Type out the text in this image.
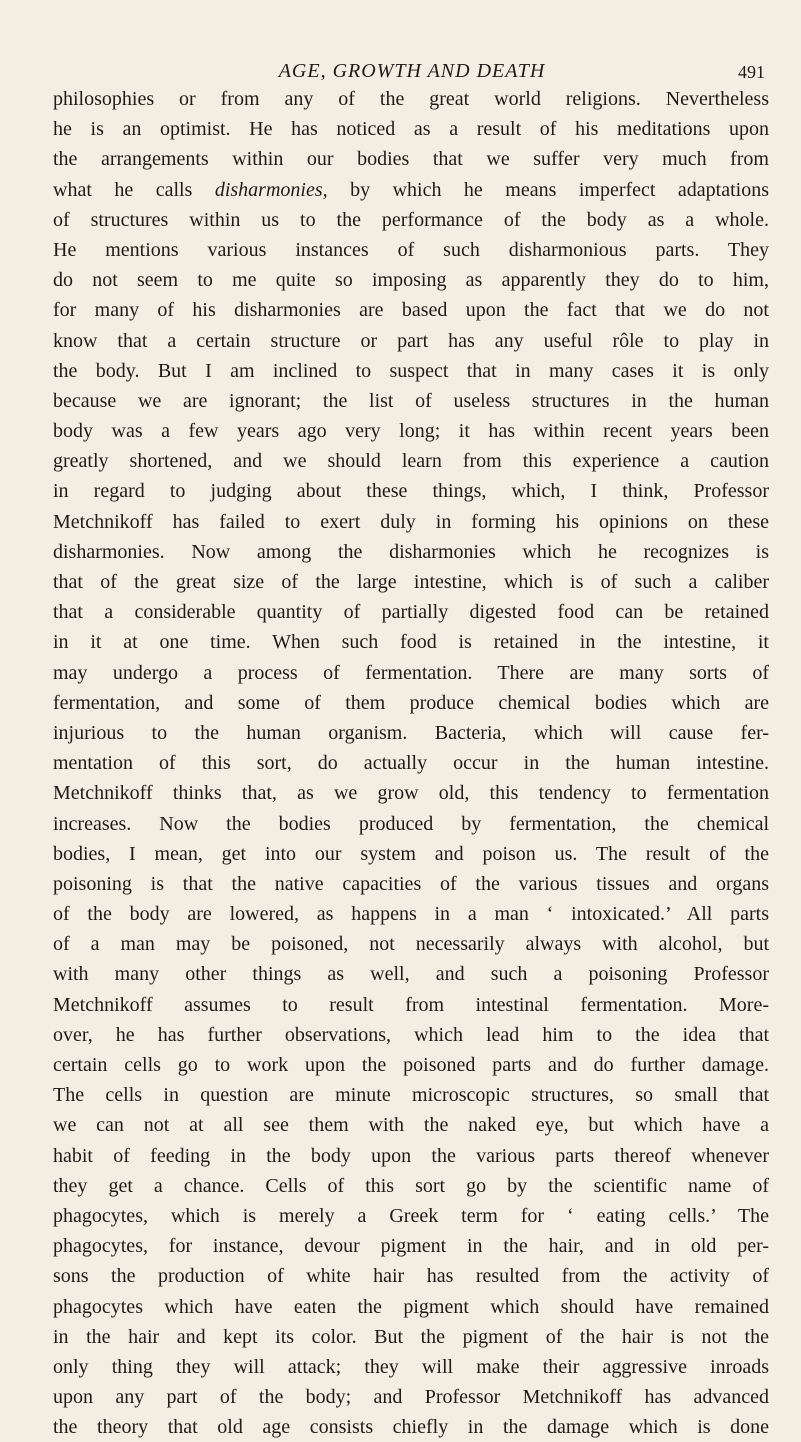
AGE, GROWTH AND DEATH	491
philosophies or from any of the great world religions. Nevertheless
he is an optimist. He has noticed as a result of his meditations upon
the arrangements within our bodies that we suffer very much from
what he calls disharmonies, by which he means imperfect adaptations
of structures within us to the performance of the body as a whole.
He mentions various instances of such disharmonious parts. They
do not seem to me quite so imposing as apparently they do to him,
for many of his disharmonies are based upon the fact that we do not
know that a certain structure or part has any useful rôle to play in
the body. But I am inclined to suspect that in many cases it is only
because we are ignorant; the list of useless structures in the human
body was a few years ago very long; it has within recent years been
greatly shortened, and we should learn from this experience a caution
in regard to judging about these things, which, I think, Professor
Metchnikoff has failed to exert duly in forming his opinions on these
disharmonies. Now among the disharmonies which he recognizes is
that of the great size of the large intestine, which is of such a caliber
that a considerable quantity of partially digested food can be retained
in it at one time. When such food is retained in the intestine, it
may undergo a process of fermentation. There are many sorts of
fermentation, and some of them produce chemical bodies which are
injurious to the human organism. Bacteria, which will cause fer-
mentation of this sort, do actually occur in the human intestine.
Metchnikoff thinks that, as we grow old, this tendency to fermentation
increases. Now the bodies produced by fermentation, the chemical
bodies, I mean, get into our system and poison us. The result of the
poisoning is that the native capacities of the various tissues and organs
of the body are lowered, as happens in a man ‘ intoxicated.’ All parts
of a man may be poisoned, not necessarily always with alcohol, but
with many other things as well, and such a poisoning Professor
Metchnikoff assumes to result from intestinal fermentation. More-
over, he has further observations, which lead him to the idea that
certain cells go to work upon the poisoned parts and do further damage.
The cells in question are minute microscopic structures, so small that
we can not at all see them with the naked eye, but which have a
habit of feeding in the body upon the various parts thereof whenever
they get a chance. Cells of this sort go by the scientific name of
phagocytes, which is merely a Greek term for ‘ eating cells.’ The
phagocytes, for instance, devour pigment in the hair, and in old per-
sons the production of white hair has resulted from the activity of
phagocytes which have eaten the pigment which should have remained
in the hair and kept its color. But the pigment of the hair is not the
only thing they will attack; they will make their aggressive inroads
upon any part of the body; and Professor Metchnikoff has advanced
the theory that old age consists chiefly in the damage which is done
